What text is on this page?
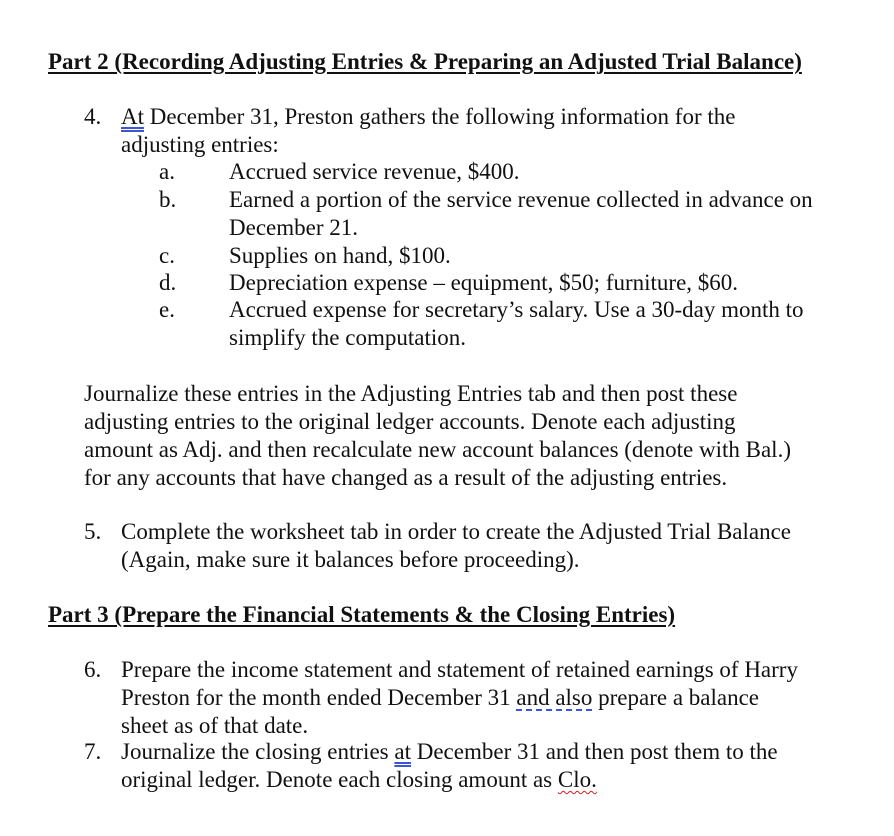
Part 2 (Recording Adjusting Entries & Preparing an Adjusted Trial Balance)
4. At December 31, Preston gathers the following information for the
adjusting entries:
a. Accrued service revenue, $400.
b. Earned a portion of the service revenue collected in advance on
December 21.
c. Supplies on hand, $100.
d. Depreciation expense – equipment, $50; furniture, $60.
e. Accrued expense for secretary’s salary. Use a 30-day month to
simplify the computation.
Journalize these entries in the Adjusting Entries tab and then post these
adjusting entries to the original ledger accounts. Denote each adjusting
amount as Adj. and then recalculate new account balances (denote with Bal.)
for any accounts that have changed as a result of the adjusting entries.
5. Complete the worksheet tab in order to create the Adjusted Trial Balance
(Again, make sure it balances before proceeding).
Part 3 (Prepare the Financial Statements & the Closing Entries)
6. Prepare the income statement and statement of retained earnings of Harry
Preston for the month ended December 31 and also prepare a balance
sheet as of that date.
7. Journalize the closing entries at December 31 and then post them to the
original ledger. Denote each closing amount as Clo.
